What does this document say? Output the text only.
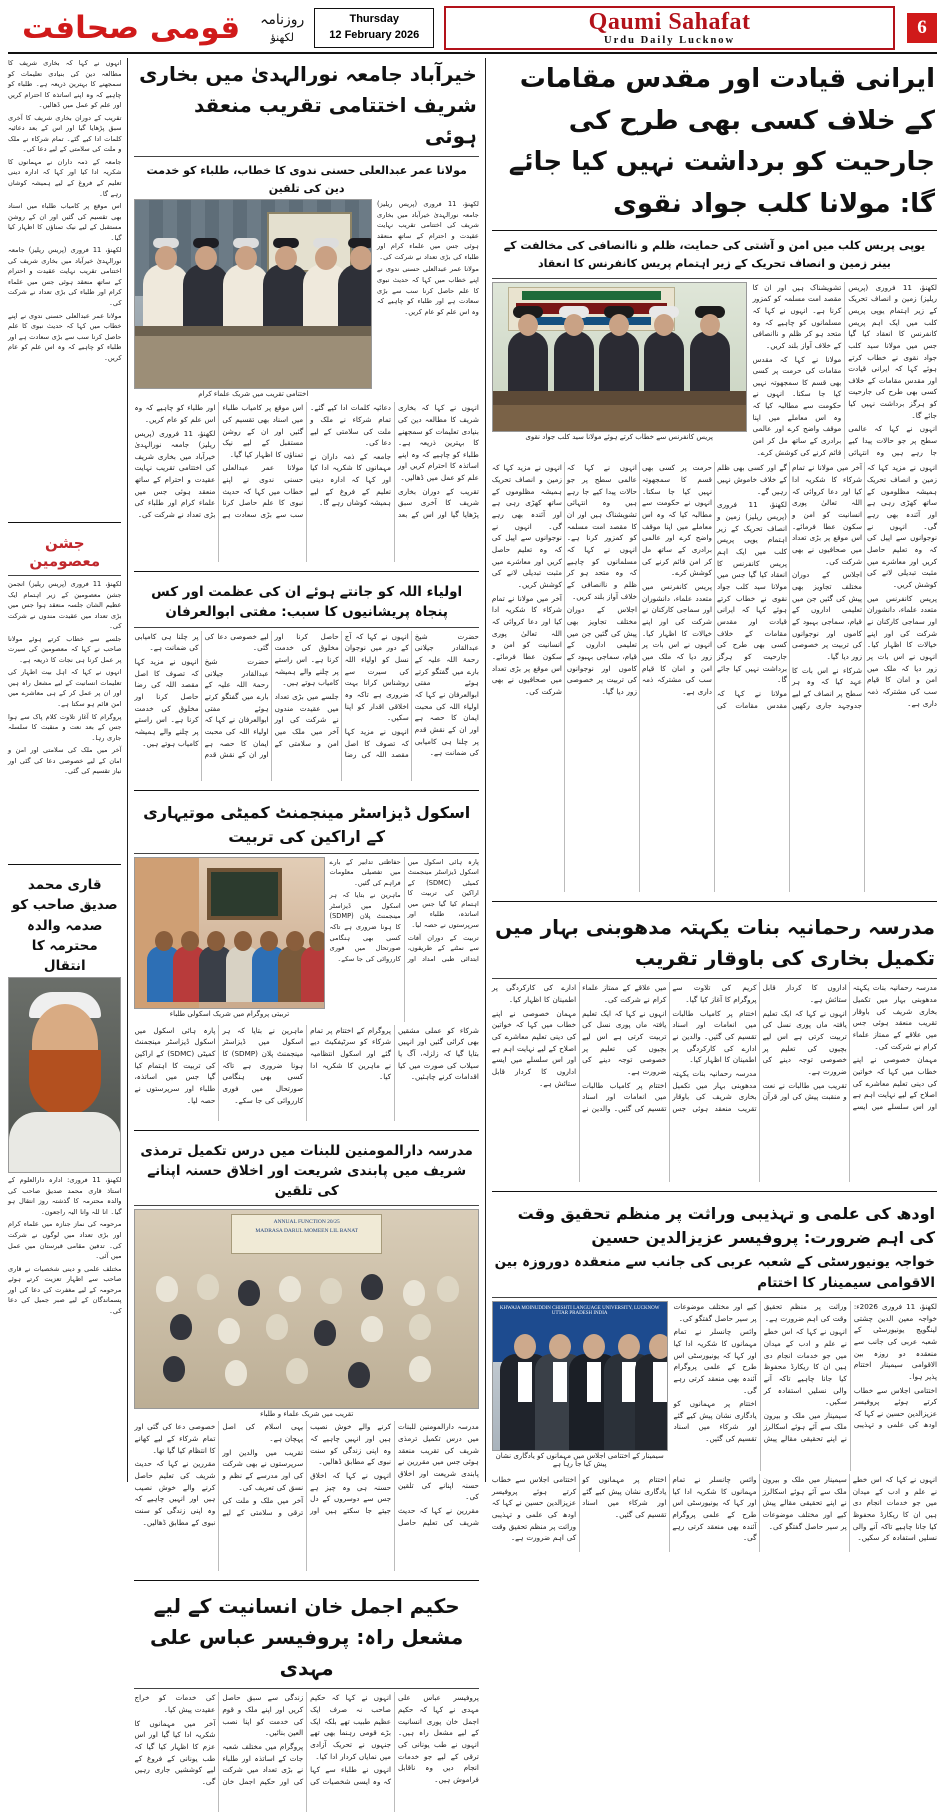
قومی صحافت	روزنامہ
لکھنؤ
Thursday
12 February 2026
Qaumi Sahafat
Urdu Daily Lucknow
6
ایرانی قیادت اور مقدس مقامات کے خلاف کسی بھی طرح کی جارحیت کو برداشت نہیں کیا جائے گا: مولانا کلب جواد نقوی
یوپی پریس کلب میں امن و آشتی کی حمایت، ظلم و ناانصافی کی مخالفت کے بینر زمین و انصاف تحریک کے زیر اہتمام پریس کانفرنس کا انعقاد
پریس کانفرنس سے خطاب کرتے ہوئے مولانا سید کلب جواد نقوی

لکھنؤ، 11 فروری (پریس ریلیز) زمین و انصاف تحریک کے زیر اہتمام یوپی پریس کلب میں ایک اہم پریس کانفرنس کا انعقاد کیا گیا جس میں مولانا سید کلب جواد نقوی نے خطاب کرتے ہوئے کہا کہ ایرانی قیادت اور مقدس مقامات کے خلاف کسی بھی طرح کی جارحیت کو ہرگز برداشت نہیں کیا جائے گا۔

انہوں نے کہا کہ عالمی سطح پر جو حالات پیدا کیے جا رہے ہیں وہ انتہائی تشویشناک ہیں اور ان کا مقصد امت مسلمہ کو کمزور کرنا ہے۔ انہوں نے کہا کہ مسلمانوں کو چاہیے کہ وہ متحد ہو کر ظلم و ناانصافی کے خلاف آواز بلند کریں۔

مولانا نے کہا کہ مقدس مقامات کی حرمت پر کسی بھی قسم کا سمجھوتہ نہیں کیا جا سکتا۔ انہوں نے حکومت سے مطالبہ کیا کہ وہ اس معاملے میں اپنا موقف واضح کرے اور عالمی برادری کے ساتھ مل کر امن قائم کرنے کی کوشش کرے۔

انہوں نے مزید کہا کہ زمین و انصاف تحریک ہمیشہ مظلوموں کے ساتھ کھڑی رہی ہے اور آئندہ بھی رہے گی۔ انہوں نے نوجوانوں سے اپیل کی کہ وہ تعلیم حاصل کریں اور معاشرے میں مثبت تبدیلی لانے کی کوشش کریں۔

پریس کانفرنس میں متعدد علماء، دانشوران اور سماجی کارکنان نے شرکت کی اور اپنے خیالات کا اظہار کیا۔ انہوں نے اس بات پر زور دیا کہ ملک میں امن و امان کا قیام سب کی مشترکہ ذمہ داری ہے۔

آخر میں مولانا نے تمام شرکاء کا شکریہ ادا کیا اور دعا کروائی کہ اللہ تعالیٰ پوری انسانیت کو امن و سکون عطا فرمائے۔ اس موقع پر بڑی تعداد میں صحافیوں نے بھی شرکت کی۔

اجلاس کے دوران مختلف تجاویز بھی پیش کی گئیں جن میں تعلیمی اداروں کے قیام، سماجی بہبود کے کاموں اور نوجوانوں کی تربیت پر خصوصی زور دیا گیا۔

شرکاء نے اس بات کا عہد کیا کہ وہ ہر سطح پر انصاف کے لیے جدوجہد جاری رکھیں گے اور کسی بھی ظلم کے خلاف خاموش نہیں رہیں گے۔

لکھنؤ، 11 فروری (پریس ریلیز) زمین و انصاف تحریک کے زیر اہتمام یوپی پریس کلب میں ایک اہم پریس کانفرنس کا انعقاد کیا گیا جس میں مولانا سید کلب جواد نقوی نے خطاب کرتے ہوئے کہا کہ ایرانی قیادت اور مقدس مقامات کے خلاف کسی بھی طرح کی جارحیت کو ہرگز برداشت نہیں کیا جائے گا۔

مولانا نے کہا کہ مقدس مقامات کی حرمت پر کسی بھی قسم کا سمجھوتہ نہیں کیا جا سکتا۔ انہوں نے حکومت سے مطالبہ کیا کہ وہ اس معاملے میں اپنا موقف واضح کرے اور عالمی برادری کے ساتھ مل کر امن قائم کرنے کی کوشش کرے۔

پریس کانفرنس میں متعدد علماء، دانشوران اور سماجی کارکنان نے شرکت کی اور اپنے خیالات کا اظہار کیا۔ انہوں نے اس بات پر زور دیا کہ ملک میں امن و امان کا قیام سب کی مشترکہ ذمہ داری ہے۔

انہوں نے کہا کہ عالمی سطح پر جو حالات پیدا کیے جا رہے ہیں وہ انتہائی تشویشناک ہیں اور ان کا مقصد امت مسلمہ کو کمزور کرنا ہے۔ انہوں نے کہا کہ مسلمانوں کو چاہیے کہ وہ متحد ہو کر ظلم و ناانصافی کے خلاف آواز بلند کریں۔

اجلاس کے دوران مختلف تجاویز بھی پیش کی گئیں جن میں تعلیمی اداروں کے قیام، سماجی بہبود کے کاموں اور نوجوانوں کی تربیت پر خصوصی زور دیا گیا۔

انہوں نے مزید کہا کہ زمین و انصاف تحریک ہمیشہ مظلوموں کے ساتھ کھڑی رہی ہے اور آئندہ بھی رہے گی۔ انہوں نے نوجوانوں سے اپیل کی کہ وہ تعلیم حاصل کریں اور معاشرے میں مثبت تبدیلی لانے کی کوشش کریں۔

آخر میں مولانا نے تمام شرکاء کا شکریہ ادا کیا اور دعا کروائی کہ اللہ تعالیٰ پوری انسانیت کو امن و سکون عطا فرمائے۔ اس موقع پر بڑی تعداد میں صحافیوں نے بھی شرکت کی۔

مدرسہ رحمانیہ بنات یکہتہ مدھوبنی بہار میں تکمیل بخاری کی باوقار تقریب

مدرسہ رحمانیہ بنات یکہتہ مدھوبنی بہار میں تکمیل بخاری شریف کی باوقار تقریب منعقد ہوئی جس میں علاقے کے ممتاز علماء کرام نے شرکت کی۔

مہمان خصوصی نے اپنے خطاب میں کہا کہ خواتین کی دینی تعلیم معاشرے کی اصلاح کے لیے نہایت اہم ہے اور اس سلسلے میں ایسے اداروں کا کردار قابل ستائش ہے۔

انہوں نے کہا کہ ایک تعلیم یافتہ ماں پوری نسل کی تربیت کرتی ہے اس لیے بچیوں کی تعلیم پر خصوصی توجہ دینے کی ضرورت ہے۔

تقریب میں طالبات نے نعت و منقبت پیش کی اور قرآن کریم کی تلاوت سے پروگرام کا آغاز کیا گیا۔

اختتام پر کامیاب طالبات میں انعامات اور اسناد تقسیم کی گئیں۔ والدین نے ادارے کی کارکردگی پر اطمینان کا اظہار کیا۔

مدرسہ رحمانیہ بنات یکہتہ مدھوبنی بہار میں تکمیل بخاری شریف کی باوقار تقریب منعقد ہوئی جس میں علاقے کے ممتاز علماء کرام نے شرکت کی۔

انہوں نے کہا کہ ایک تعلیم یافتہ ماں پوری نسل کی تربیت کرتی ہے اس لیے بچیوں کی تعلیم پر خصوصی توجہ دینے کی ضرورت ہے۔

اختتام پر کامیاب طالبات میں انعامات اور اسناد تقسیم کی گئیں۔ والدین نے ادارے کی کارکردگی پر اطمینان کا اظہار کیا۔

مہمان خصوصی نے اپنے خطاب میں کہا کہ خواتین کی دینی تعلیم معاشرے کی اصلاح کے لیے نہایت اہم ہے اور اس سلسلے میں ایسے اداروں کا کردار قابل ستائش ہے۔

اودھ کی علمی و تہذیبی وراثت پر منظم تحقیق وقت کی اہم ضرورت: پروفیسر عزیزالدین حسین
خواجہ یونیورسٹی کے شعبہ عربی کی جانب سے منعقدہ دوروزہ بین الاقوامی سیمینار کا اختتام
KHWAJA MOINUDDIN CHISHTI LANGUAGE UNIVERSITY, LUCKNOW UTTAR PRADESH INDIA
سیمینار کے اختتامی اجلاس میں مہمانوں کو یادگاری نشان پیش کیا جا رہا ہے

لکھنؤ، 11 فروری 2026ء: خواجہ معین الدین چشتی لینگویج یونیورسٹی کے شعبہ عربی کی جانب سے منعقدہ دو روزہ بین الاقوامی سیمینار اختتام پذیر ہوا۔

اختتامی اجلاس سے خطاب کرتے ہوئے پروفیسر عزیزالدین حسین نے کہا کہ اودھ کی علمی و تہذیبی وراثت پر منظم تحقیق وقت کی اہم ضرورت ہے۔

انہوں نے کہا کہ اس خطے نے علم و ادب کے میدان میں جو خدمات انجام دی ہیں ان کا ریکارڈ محفوظ کیا جانا چاہیے تاکہ آنے والی نسلیں استفادہ کر سکیں۔

سیمینار میں ملک و بیرون ملک سے آئے ہوئے اسکالرز نے اپنے تحقیقی مقالے پیش کیے اور مختلف موضوعات پر سیر حاصل گفتگو کی۔

وائس چانسلر نے تمام مہمانوں کا شکریہ ادا کیا اور کہا کہ یونیورسٹی اس طرح کے علمی پروگرام آئندہ بھی منعقد کرتی رہے گی۔

اختتام پر مہمانوں کو یادگاری نشان پیش کیے گئے اور شرکاء میں اسناد تقسیم کی گئیں۔

انہوں نے کہا کہ اس خطے نے علم و ادب کے میدان میں جو خدمات انجام دی ہیں ان کا ریکارڈ محفوظ کیا جانا چاہیے تاکہ آنے والی نسلیں استفادہ کر سکیں۔

سیمینار میں ملک و بیرون ملک سے آئے ہوئے اسکالرز نے اپنے تحقیقی مقالے پیش کیے اور مختلف موضوعات پر سیر حاصل گفتگو کی۔

وائس چانسلر نے تمام مہمانوں کا شکریہ ادا کیا اور کہا کہ یونیورسٹی اس طرح کے علمی پروگرام آئندہ بھی منعقد کرتی رہے گی۔

اختتام پر مہمانوں کو یادگاری نشان پیش کیے گئے اور شرکاء میں اسناد تقسیم کی گئیں۔

اختتامی اجلاس سے خطاب کرتے ہوئے پروفیسر عزیزالدین حسین نے کہا کہ اودھ کی علمی و تہذیبی وراثت پر منظم تحقیق وقت کی اہم ضرورت ہے۔

خیرآباد جامعہ نورالہدیٰ میں بخاری شریف اختتامی تقریب منعقد ہوئی
مولانا عمر عبدالعلی حسنی ندوی کا خطاب، طلباء کو خدمت دین کی تلقین
اختتامی تقریب میں شریک علماء کرام

لکھنؤ، 11 فروری (پریس ریلیز) جامعہ نورالہدیٰ خیرآباد میں بخاری شریف کی اختتامی تقریب نہایت عقیدت و احترام کے ساتھ منعقد ہوئی جس میں علماء کرام اور طلباء کی بڑی تعداد نے شرکت کی۔

مولانا عمر عبدالعلی حسنی ندوی نے اپنے خطاب میں کہا کہ حدیث نبوی کا علم حاصل کرنا سب سے بڑی سعادت ہے اور طلباء کو چاہیے کہ وہ اس علم کو عام کریں۔

انہوں نے کہا کہ بخاری شریف کا مطالعہ دین کی بنیادی تعلیمات کو سمجھنے کا بہترین ذریعہ ہے۔ طلباء کو چاہیے کہ وہ اپنے اساتذہ کا احترام کریں اور علم کو عمل میں ڈھالیں۔

تقریب کے دوران بخاری شریف کا آخری سبق پڑھایا گیا اور اس کے بعد دعائیہ کلمات ادا کیے گئے۔ تمام شرکاء نے ملک و ملت کی سلامتی کے لیے دعا کی۔

جامعہ کے ذمہ داران نے مہمانوں کا شکریہ ادا کیا اور کہا کہ ادارہ دینی تعلیم کے فروغ کے لیے ہمیشہ کوشاں رہے گا۔

اس موقع پر کامیاب طلباء میں اسناد بھی تقسیم کی گئیں اور ان کے روشن مستقبل کے لیے نیک تمناؤں کا اظہار کیا گیا۔

مولانا عمر عبدالعلی حسنی ندوی نے اپنے خطاب میں کہا کہ حدیث نبوی کا علم حاصل کرنا سب سے بڑی سعادت ہے اور طلباء کو چاہیے کہ وہ اس علم کو عام کریں۔

لکھنؤ، 11 فروری (پریس ریلیز) جامعہ نورالہدیٰ خیرآباد میں بخاری شریف کی اختتامی تقریب نہایت عقیدت و احترام کے ساتھ منعقد ہوئی جس میں علماء کرام اور طلباء کی بڑی تعداد نے شرکت کی۔

اولیاء اللہ کو جانتے ہوئے ان کی عظمت اور کس پنجاہ پریشانیوں کا سبب: مفتی ابوالعرفان

حضرت شیخ عبدالقادر جیلانی رحمۃ اللہ علیہ کے بارے میں گفتگو کرتے ہوئے مفتی ابوالعرفان نے کہا کہ اولیاء اللہ کی محبت ایمان کا حصہ ہے اور ان کے نقش قدم پر چلنا ہی کامیابی کی ضمانت ہے۔

انہوں نے کہا کہ آج کے دور میں نوجوان نسل کو اولیاء اللہ کی سیرت سے روشناس کرانا بہت ضروری ہے تاکہ وہ اخلاقی اقدار کو اپنا سکیں۔

انہوں نے مزید کہا کہ تصوف کا اصل مقصد اللہ کی رضا حاصل کرنا اور مخلوق کی خدمت کرنا ہے۔ اس راستے پر چلنے والے ہمیشہ کامیاب ہوتے ہیں۔

جلسے میں بڑی تعداد میں عقیدت مندوں نے شرکت کی اور آخر میں ملک میں امن و سلامتی کے لیے خصوصی دعا کی گئی۔

حضرت شیخ عبدالقادر جیلانی رحمۃ اللہ علیہ کے بارے میں گفتگو کرتے ہوئے مفتی ابوالعرفان نے کہا کہ اولیاء اللہ کی محبت ایمان کا حصہ ہے اور ان کے نقش قدم پر چلنا ہی کامیابی کی ضمانت ہے۔

انہوں نے مزید کہا کہ تصوف کا اصل مقصد اللہ کی رضا حاصل کرنا اور مخلوق کی خدمت کرنا ہے۔ اس راستے پر چلنے والے ہمیشہ کامیاب ہوتے ہیں۔

اسکول ڈیزاسٹر مینجمنٹ کمیٹی موتیہاری کے اراکین کی تربیت
تربیتی پروگرام میں شریک اسکولی طلباء

پارہ ہائی اسکول میں اسکول ڈیزاسٹر مینجمنٹ کمیٹی (SDMC) کے اراکین کی تربیت کا اہتمام کیا گیا جس میں اساتذہ، طلباء اور سرپرستوں نے حصہ لیا۔

تربیت کے دوران آفات سے نمٹنے کے طریقوں، ابتدائی طبی امداد اور حفاظتی تدابیر کے بارے میں تفصیلی معلومات فراہم کی گئیں۔

ماہرین نے بتایا کہ ہر اسکول میں ڈیزاسٹر مینجمنٹ پلان (SDMP) کا ہونا ضروری ہے تاکہ کسی بھی ہنگامی صورتحال میں فوری کارروائی کی جا سکے۔

شرکاء کو عملی مشقیں بھی کرائی گئیں اور انہیں بتایا گیا کہ زلزلہ، آگ یا سیلاب کی صورت میں کیا اقدامات کرنے چاہئیں۔

پروگرام کے اختتام پر تمام شرکاء کو سرٹیفکیٹ دیے گئے اور اسکول انتظامیہ نے ماہرین کا شکریہ ادا کیا۔

ماہرین نے بتایا کہ ہر اسکول میں ڈیزاسٹر مینجمنٹ پلان (SDMP) کا ہونا ضروری ہے تاکہ کسی بھی ہنگامی صورتحال میں فوری کارروائی کی جا سکے۔

پارہ ہائی اسکول میں اسکول ڈیزاسٹر مینجمنٹ کمیٹی (SDMC) کے اراکین کی تربیت کا اہتمام کیا گیا جس میں اساتذہ، طلباء اور سرپرستوں نے حصہ لیا۔

مدرسہ دارالمومنین للبنات میں درس تکمیل ترمذی شریف میں پابندی شریعت اور اخلاق حسنہ اپنانے کی تلقین
ANNUAL FUNCTION 20/25
MADRASA DARUL MOMEEN LIL BANAT
تقریب میں شریک علماء و طلباء

مدرسہ دارالمومنین للبنات میں درس تکمیل ترمذی شریف کی تقریب منعقد ہوئی جس میں مقررین نے پابندی شریعت اور اخلاق حسنہ اپنانے کی تلقین کی۔

مقررین نے کہا کہ حدیث شریف کی تعلیم حاصل کرنے والے خوش نصیب ہیں اور انہیں چاہیے کہ وہ اپنی زندگی کو سنت نبوی کے مطابق ڈھالیں۔

انہوں نے کہا کہ اخلاق حسنہ ہی وہ چیز ہے جس سے دوسروں کے دل جیتے جا سکتے ہیں اور یہی اسلام کی اصل پہچان ہے۔

تقریب میں والدین اور سرپرستوں نے بھی شرکت کی اور مدرسے کے نظم و نسق کی تعریف کی۔

آخر میں ملک و ملت کی ترقی و سلامتی کے لیے خصوصی دعا کی گئی اور تمام شرکاء کے لیے کھانے کا انتظام کیا گیا تھا۔

مقررین نے کہا کہ حدیث شریف کی تعلیم حاصل کرنے والے خوش نصیب ہیں اور انہیں چاہیے کہ وہ اپنی زندگی کو سنت نبوی کے مطابق ڈھالیں۔

حکیم اجمل خان انسانیت کے لیے مشعل راہ: پروفیسر عباس علی مہدی

پروفیسر عباس علی مہدی نے کہا کہ حکیم اجمل خان پوری انسانیت کے لیے مشعل راہ ہیں۔ انہوں نے طب یونانی کی ترقی کے لیے جو خدمات انجام دیں وہ ناقابل فراموش ہیں۔

انہوں نے کہا کہ حکیم صاحب نہ صرف ایک عظیم طبیب تھے بلکہ ایک بڑے قومی رہنما بھی تھے جنہوں نے تحریک آزادی میں نمایاں کردار ادا کیا۔

انہوں نے طلباء سے کہا کہ وہ ایسی شخصیات کی زندگی سے سبق حاصل کریں اور اپنے ملک و قوم کی خدمت کو اپنا نصب العین بنائیں۔

پروگرام میں مختلف شعبہ جات کے اساتذہ اور طلباء نے بڑی تعداد میں شرکت کی اور حکیم اجمل خان کی خدمات کو خراج عقیدت پیش کیا۔

آخر میں مہمانوں کا شکریہ ادا کیا گیا اور اس عزم کا اظہار کیا گیا کہ طب یونانی کے فروغ کے لیے کوششیں جاری رہیں گی۔

انہوں نے کہا کہ بخاری شریف کا مطالعہ دین کی بنیادی تعلیمات کو سمجھنے کا بہترین ذریعہ ہے۔ طلباء کو چاہیے کہ وہ اپنے اساتذہ کا احترام کریں اور علم کو عمل میں ڈھالیں۔

تقریب کے دوران بخاری شریف کا آخری سبق پڑھایا گیا اور اس کے بعد دعائیہ کلمات ادا کیے گئے۔ تمام شرکاء نے ملک و ملت کی سلامتی کے لیے دعا کی۔

جامعہ کے ذمہ داران نے مہمانوں کا شکریہ ادا کیا اور کہا کہ ادارہ دینی تعلیم کے فروغ کے لیے ہمیشہ کوشاں رہے گا۔

اس موقع پر کامیاب طلباء میں اسناد بھی تقسیم کی گئیں اور ان کے روشن مستقبل کے لیے نیک تمناؤں کا اظہار کیا گیا۔

لکھنؤ، 11 فروری (پریس ریلیز) جامعہ نورالہدیٰ خیرآباد میں بخاری شریف کی اختتامی تقریب نہایت عقیدت و احترام کے ساتھ منعقد ہوئی جس میں علماء کرام اور طلباء کی بڑی تعداد نے شرکت کی۔

مولانا عمر عبدالعلی حسنی ندوی نے اپنے خطاب میں کہا کہ حدیث نبوی کا علم حاصل کرنا سب سے بڑی سعادت ہے اور طلباء کو چاہیے کہ وہ اس علم کو عام کریں۔

جشن معصومین

لکھنؤ، 11 فروری (پریس ریلیز) انجمن جشن معصومین کے زیر اہتمام ایک عظیم الشان جلسہ منعقد ہوا جس میں بڑی تعداد میں عقیدت مندوں نے شرکت کی۔

جلسے سے خطاب کرتے ہوئے مولانا صاحب نے کہا کہ معصومین کی سیرت پر عمل کرنا ہی نجات کا ذریعہ ہے۔

انہوں نے کہا کہ اہل بیت اطہار کی تعلیمات انسانیت کے لیے مشعل راہ ہیں اور ان پر عمل کر کے ہی معاشرے میں امن قائم ہو سکتا ہے۔

پروگرام کا آغاز تلاوت کلام پاک سے ہوا جس کے بعد نعت و منقبت کا سلسلہ جاری رہا۔

آخر میں ملک کی سلامتی اور امن و امان کے لیے خصوصی دعا کی گئی اور نیاز تقسیم کی گئی۔

قاری محمد صدیق صاحب کو صدمہ والدہ محترمہ کا انتقال

لکھنؤ، 11 فروری: ادارہ دارالعلوم کے استاذ قاری محمد صدیق صاحب کی والدہ محترمہ کا گذشتہ روز انتقال ہو گیا۔ انا للہ وانا الیہ راجعون۔

مرحومہ کی نماز جنازہ میں علماء کرام اور بڑی تعداد میں لوگوں نے شرکت کی۔ تدفین مقامی قبرستان میں عمل میں آئی۔

مختلف علمی و دینی شخصیات نے قاری صاحب سے اظہار تعزیت کرتے ہوئے مرحومہ کے لیے مغفرت کی دعا کی اور پسماندگان کے لیے صبر جمیل کی دعا کی۔
